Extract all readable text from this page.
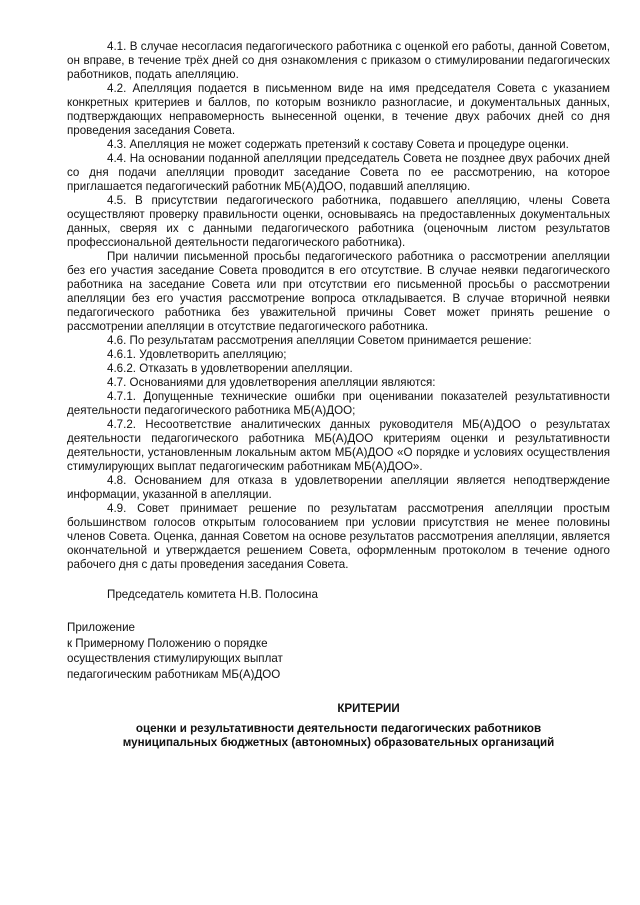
4.1. В случае несогласия педагогического работника с оценкой его работы, данной Советом, он вправе, в течение трёх дней со дня ознакомления с приказом о стимулировании педагогических работников, подать апелляцию.

4.2. Апелляция подается в письменном виде на имя председателя Совета с указанием конкретных критериев и баллов, по которым возникло разногласие, и документальных данных, подтверждающих неправомерность вынесенной оценки, в течение двух рабочих дней со дня проведения заседания Совета.

4.3. Апелляция не может содержать претензий к составу Совета и процедуре оценки.

4.4. На основании поданной апелляции председатель Совета не позднее двух рабочих дней со дня подачи апелляции проводит заседание Совета по ее рассмотрению, на которое приглашается педагогический работник МБ(А)ДОО, подавший апелляцию.

4.5. В присутствии педагогического работника, подавшего апелляцию, члены Совета осуществляют проверку правильности оценки, основываясь на предоставленных документальных данных, сверяя их с данными педагогического работника (оценочным листом результатов профессиональной деятельности педагогического работника).

При наличии письменной просьбы педагогического работника о рассмотрении апелляции без его участия заседание Совета проводится в его отсутствие. В случае неявки педагогического работника на заседание Совета или при отсутствии его письменной просьбы о рассмотрении апелляции без его участия рассмотрение вопроса откладывается. В случае вторичной неявки педагогического работника без уважительной причины Совет может принять решение о рассмотрении апелляции в отсутствие педагогического работника.

4.6. По результатам рассмотрения апелляции Советом принимается решение:

4.6.1. Удовлетворить апелляцию;

4.6.2. Отказать в удовлетворении апелляции.

4.7. Основаниями для удовлетворения апелляции являются:

4.7.1. Допущенные технические ошибки при оценивании показателей результативности деятельности педагогического работника МБ(А)ДОО;

4.7.2. Несоответствие аналитических данных руководителя МБ(А)ДОО о результатах деятельности педагогического работника МБ(А)ДОО критериям оценки и результативности деятельности, установленным локальным актом МБ(А)ДОО «О порядке и условиях осуществления стимулирующих выплат педагогическим работникам МБ(А)ДОО».

4.8. Основанием для отказа в удовлетворении апелляции является неподтверждение информации, указанной в апелляции.

4.9. Совет принимает решение по результатам рассмотрения апелляции простым большинством голосов открытым голосованием при условии присутствия не менее половины членов Совета. Оценка, данная Советом на основе результатов рассмотрения апелляции, является окончательной и утверждается решением Совета, оформленным протоколом в течение одного рабочего дня с даты проведения заседания Совета.

Председатель комитета Н.В. Полосина
Приложение
к Примерному Положению о порядке
осуществления стимулирующих выплат
педагогическим работникам МБ(А)ДОО
КРИТЕРИИ
оценки и результативности деятельности педагогических работников
муниципальных бюджетных (автономных) образовательных организаций
